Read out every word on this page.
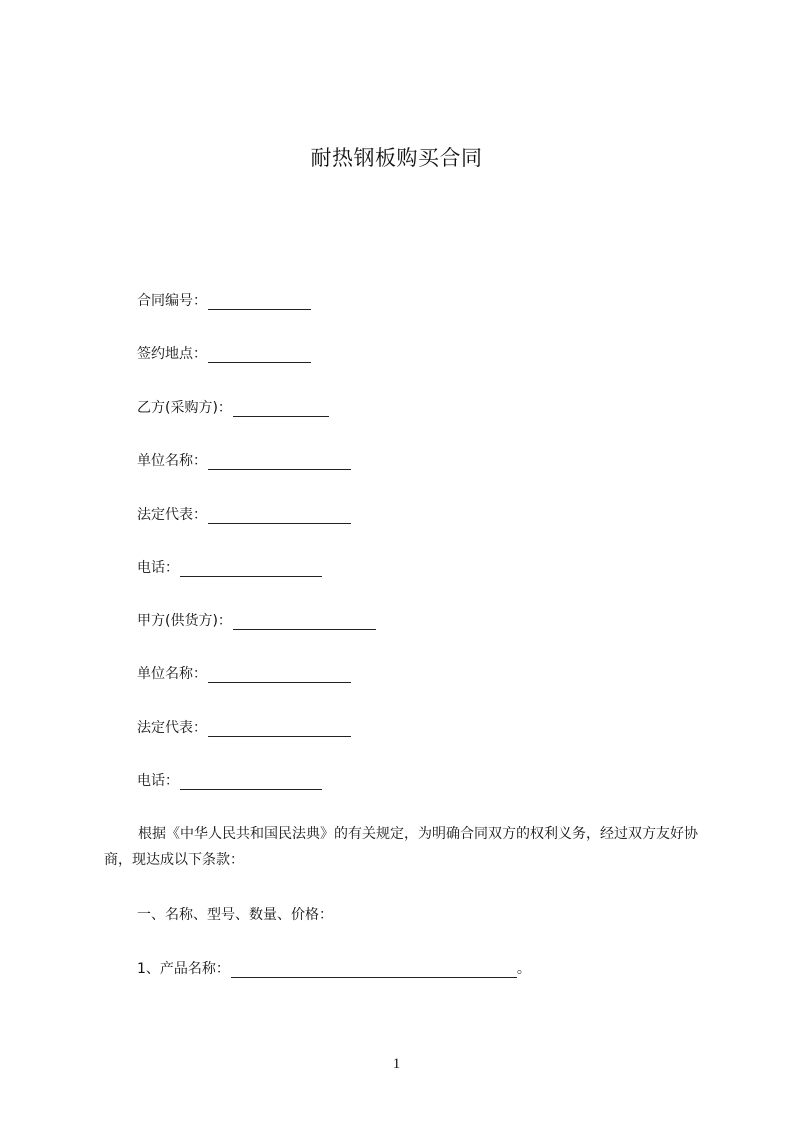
耐热钢板购买合同
合同编号：
签约地点：
乙方(采购方)：
单位名称：
法定代表：
电话：
甲方(供货方)：
单位名称：
法定代表：
电话：
根据《中华人民共和国民法典》的有关规定，为明确合同双方的权利义务，经过双方友好协商，现达成以下条款：
一、名称、型号、数量、价格：
1、产品名称：	。
1
